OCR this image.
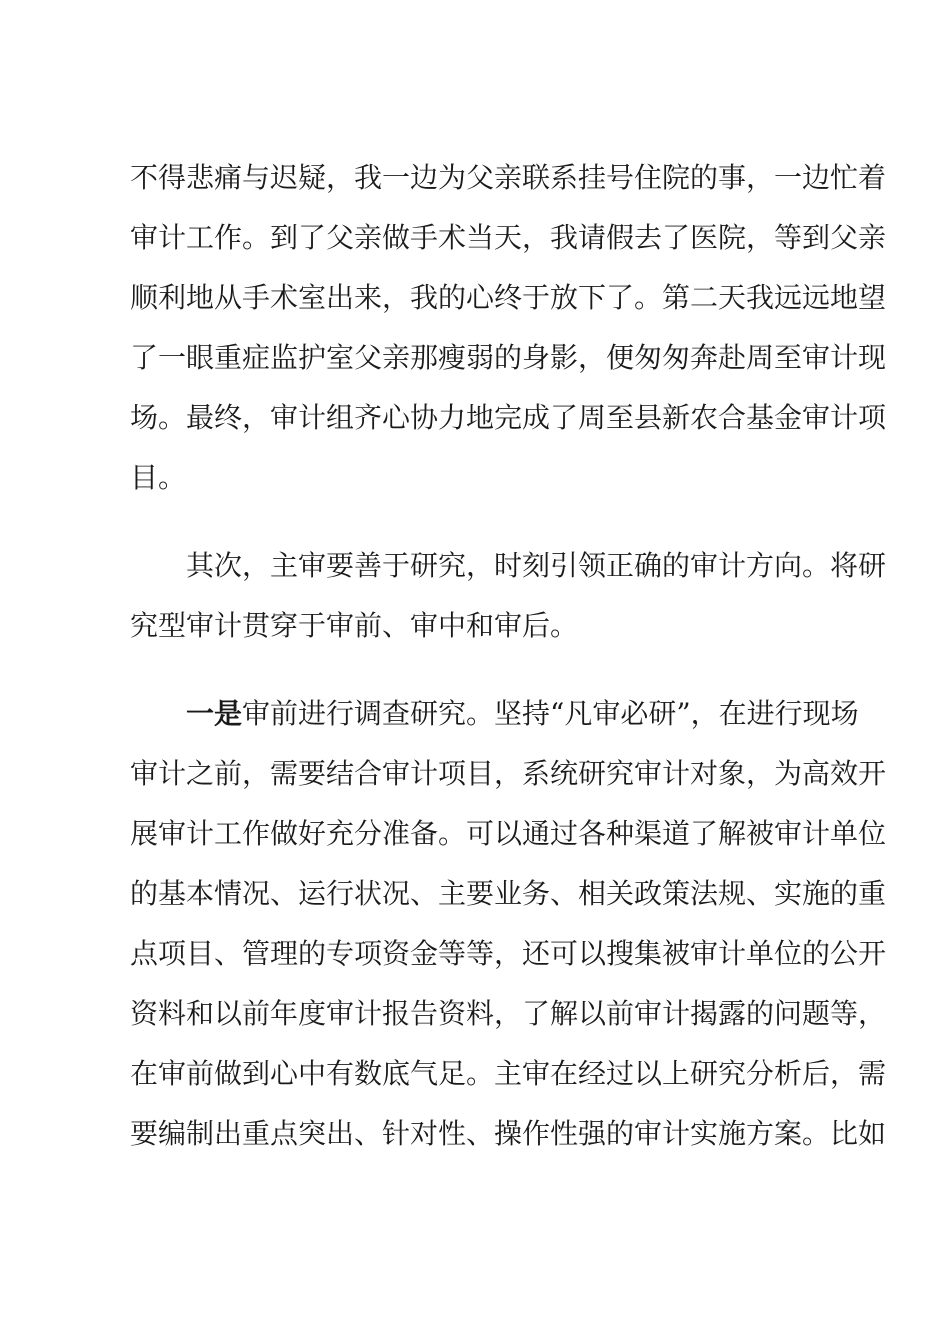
不得悲痛与迟疑，我一边为父亲联系挂号住院的事，一边忙着
审计工作。到了父亲做手术当天，我请假去了医院，等到父亲
顺利地从手术室出来，我的心终于放下了。第二天我远远地望
了一眼重症监护室父亲那瘦弱的身影，便匆匆奔赴周至审计现
场。最终，审计组齐心协力地完成了周至县新农合基金审计项
目。
其次，主审要善于研究，时刻引领正确的审计方向。将研
究型审计贯穿于审前、审中和审后。
一是审前进行调查研究。坚持“凡审必研”，在进行现场
审计之前，需要结合审计项目，系统研究审计对象，为高效开
展审计工作做好充分准备。可以通过各种渠道了解被审计单位
的基本情况、运行状况、主要业务、相关政策法规、实施的重
点项目、管理的专项资金等等，还可以搜集被审计单位的公开
资料和以前年度审计报告资料，了解以前审计揭露的问题等，
在审前做到心中有数底气足。主审在经过以上研究分析后，需
要编制出重点突出、针对性、操作性强的审计实施方案。比如
